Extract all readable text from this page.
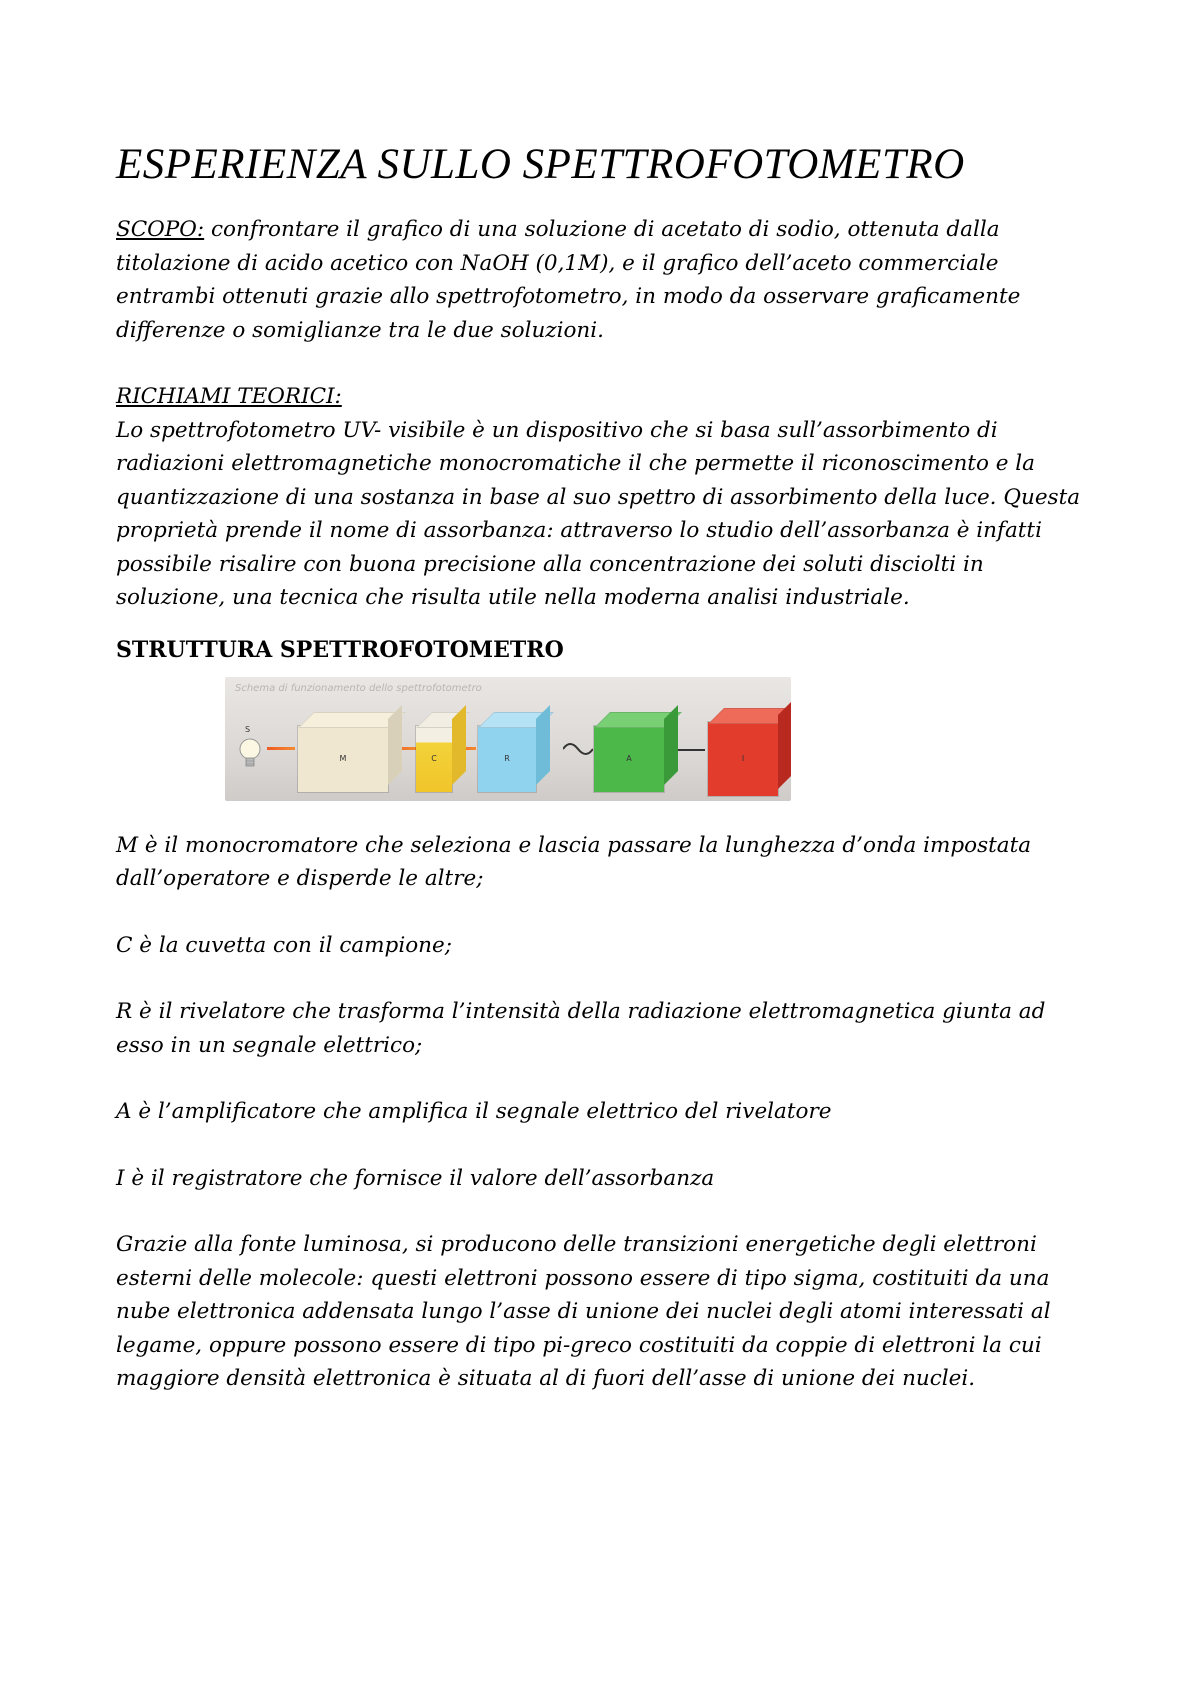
ESPERIENZA SULLO SPETTROFOTOMETRO

SCOPO: confrontare il grafico di una soluzione di acetato di sodio, ottenuta dalla titolazione di acido acetico con NaOH (0,1M), e il grafico dell’aceto commerciale entrambi ottenuti grazie allo spettrofotometro, in modo da osservare graficamente differenze o somiglianze tra le due soluzioni.

RICHIAMI TEORICI:

Lo spettrofotometro UV- visibile è un dispositivo che si basa sull’assorbimento di radiazioni elettromagnetiche monocromatiche il che permette il riconoscimento e la quantizzazione di una sostanza in base al suo spettro di assorbimento della luce. Questa proprietà prende il nome di assorbanza: attraverso lo studio dell’assorbanza è infatti possibile risalire con buona precisione alla concentrazione dei soluti disciolti in soluzione, una tecnica che risulta utile nella moderna analisi industriale.

STRUTTURA SPETTROFOTOMETRO
Schema di funzionamento dello spettrofotometro
S
M	C	R	A	I

M è il monocromatore che seleziona e lascia passare la lunghezza d’onda impostata dall’operatore e disperde le altre;

C è la cuvetta con il campione;

R è il rivelatore che trasforma l’intensità della radiazione elettromagnetica giunta ad esso in un segnale elettrico;

A è l’amplificatore che amplifica il segnale elettrico del rivelatore

I è il registratore che fornisce il valore dell’assorbanza

Grazie alla fonte luminosa, si producono delle transizioni energetiche degli elettroni esterni delle molecole: questi elettroni possono essere di tipo sigma, costituiti da una nube elettronica addensata lungo l’asse di unione dei nuclei degli atomi interessati al legame, oppure possono essere di tipo pi-greco costituiti da coppie di elettroni la cui maggiore densità elettronica è situata al di fuori dell’asse di unione dei nuclei.
